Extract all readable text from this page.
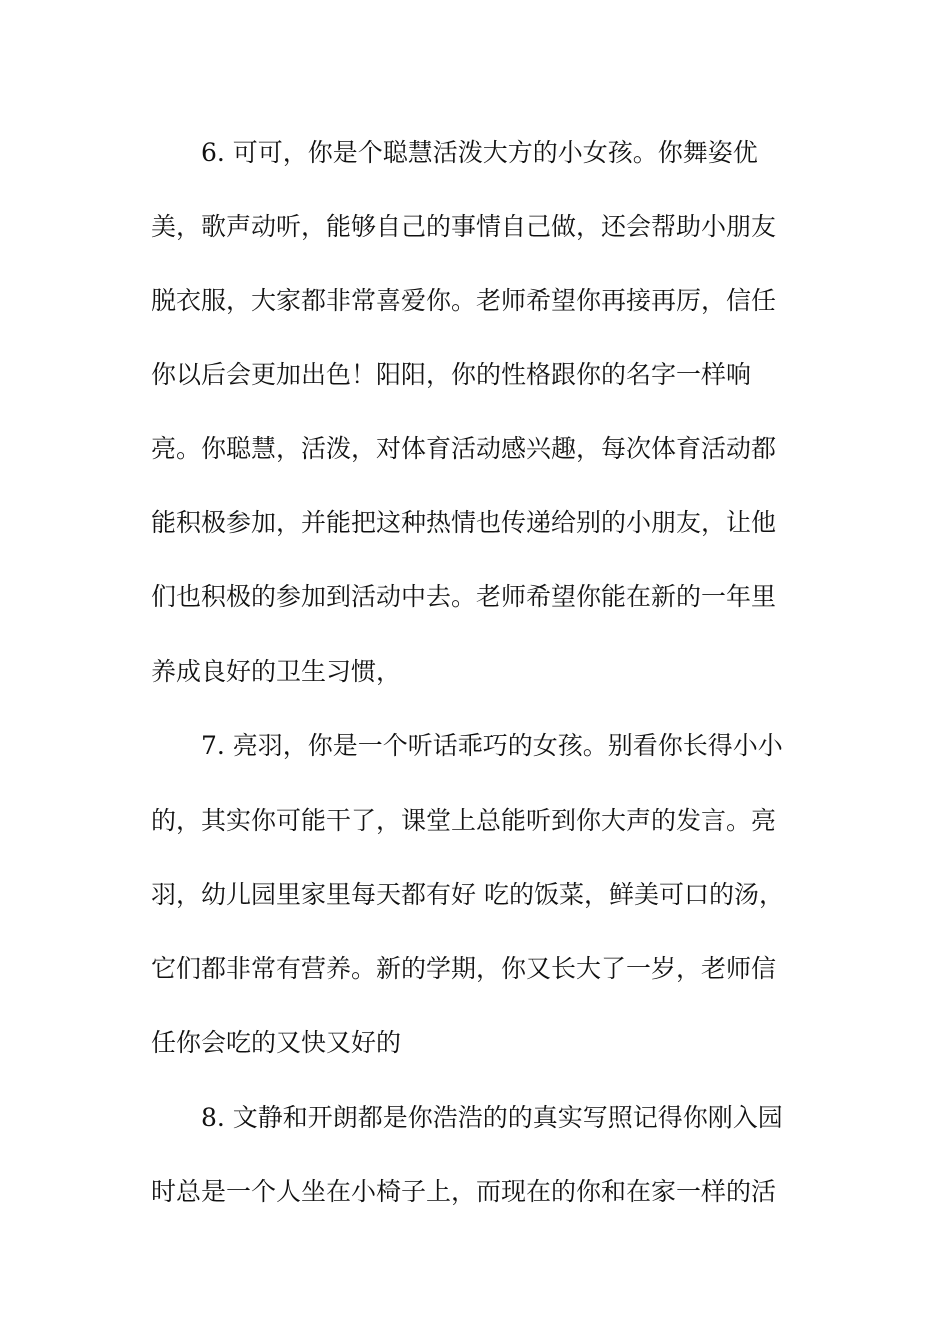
6. 可可，你是个聪慧活泼大方的小女孩。你舞姿优
美，歌声动听，能够自己的事情自己做，还会帮助小朋友
脱衣服，大家都非常喜爱你。老师希望你再接再厉，信任
你以后会更加出色！阳阳，你的性格跟你的名字一样响
亮。你聪慧，活泼，对体育活动感兴趣，每次体育活动都
能积极参加，并能把这种热情也传递给别的小朋友，让他
们也积极的参加到活动中去。老师希望你能在新的一年里
养成良好的卫生习惯，
7. 亮羽，你是一个听话乖巧的女孩。别看你长得小小
的，其实你可能干了，课堂上总能听到你大声的发言。亮
羽，幼儿园里家里每天都有好 吃的饭菜，鲜美可口的汤，
它们都非常有营养。新的学期，你又长大了一岁，老师信
任你会吃的又快又好的
8. 文静和开朗都是你浩浩的的真实写照记得你刚入园
时总是一个人坐在小椅子上，而现在的你和在家一样的活
